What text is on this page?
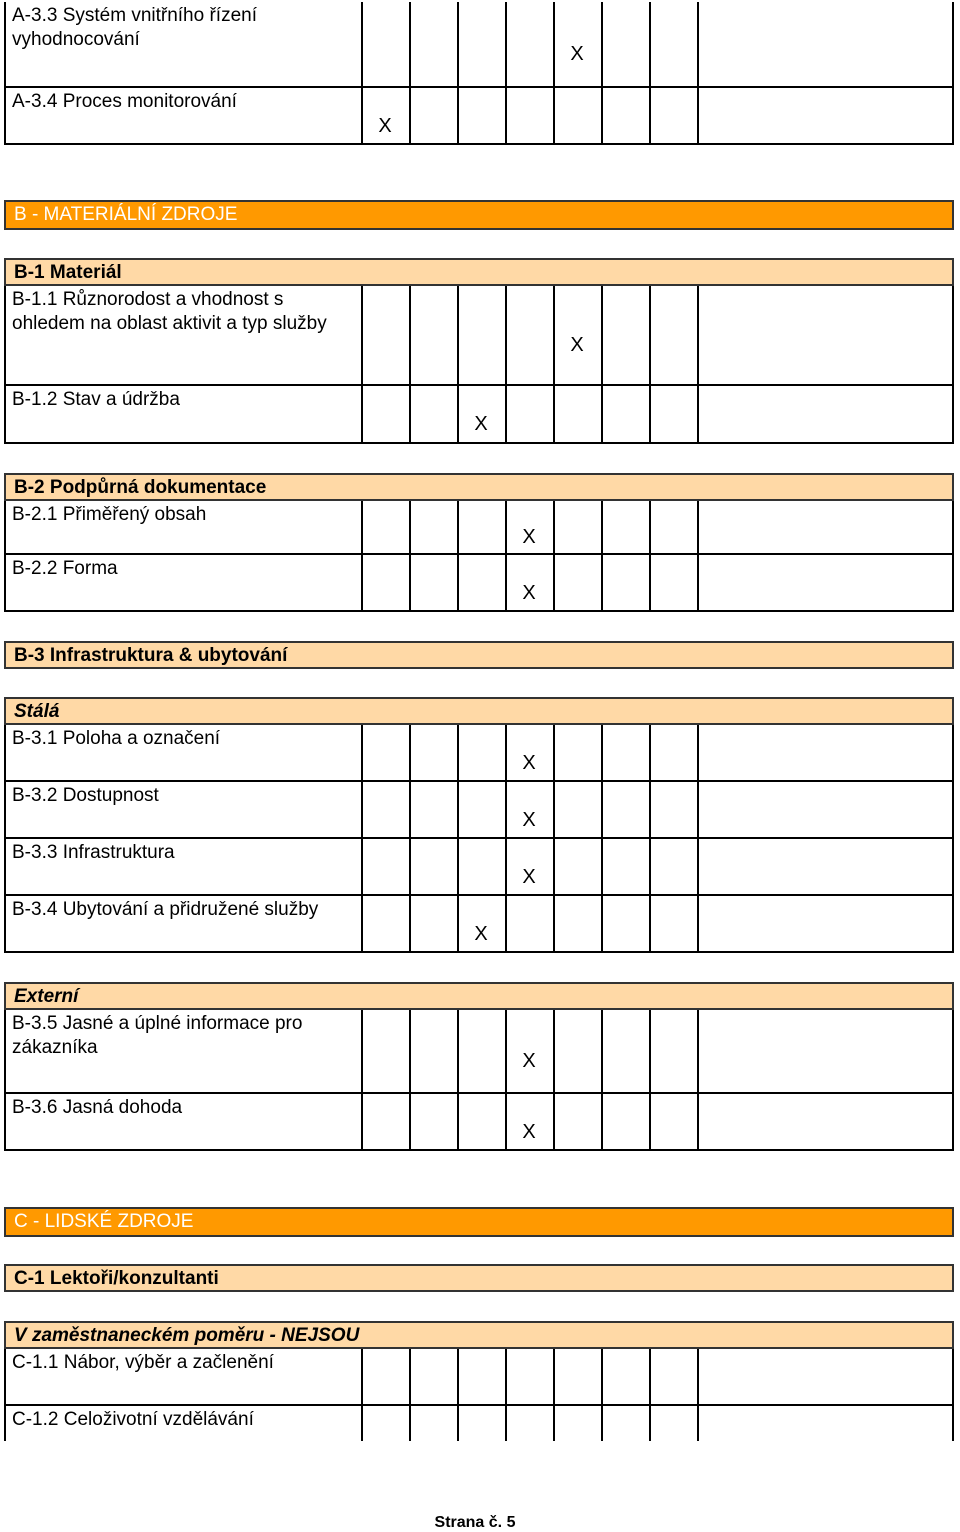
A-3.3 Systém vnitřního řízení vyhodnocování
X
A-3.4 Proces monitorování
X
B - MATERIÁLNÍ ZDROJE
B-1 Materiál
B-1.1 Různorodost a vhodnost s ohledem na oblast aktivit a typ služby
X
B-1.2 Stav a údržba
X
B-2 Podpůrná dokumentace
B-2.1 Přiměřený obsah
X
B-2.2 Forma
X
B-3 Infrastruktura & ubytování
Stálá
B-3.1 Poloha a označení
X
B-3.2 Dostupnost
X
B-3.3 Infrastruktura
X
B-3.4 Ubytování a přidružené služby
X
Externí
B-3.5 Jasné a úplné informace pro zákazníka
X
B-3.6 Jasná dohoda
X
C - LIDSKÉ ZDROJE
C-1 Lektoři/konzultanti
V zaměstnaneckém poměru - NEJSOU
C-1.1 Nábor, výběr a začlenění
C-1.2 Celoživotní vzdělávání
Strana č. 5
